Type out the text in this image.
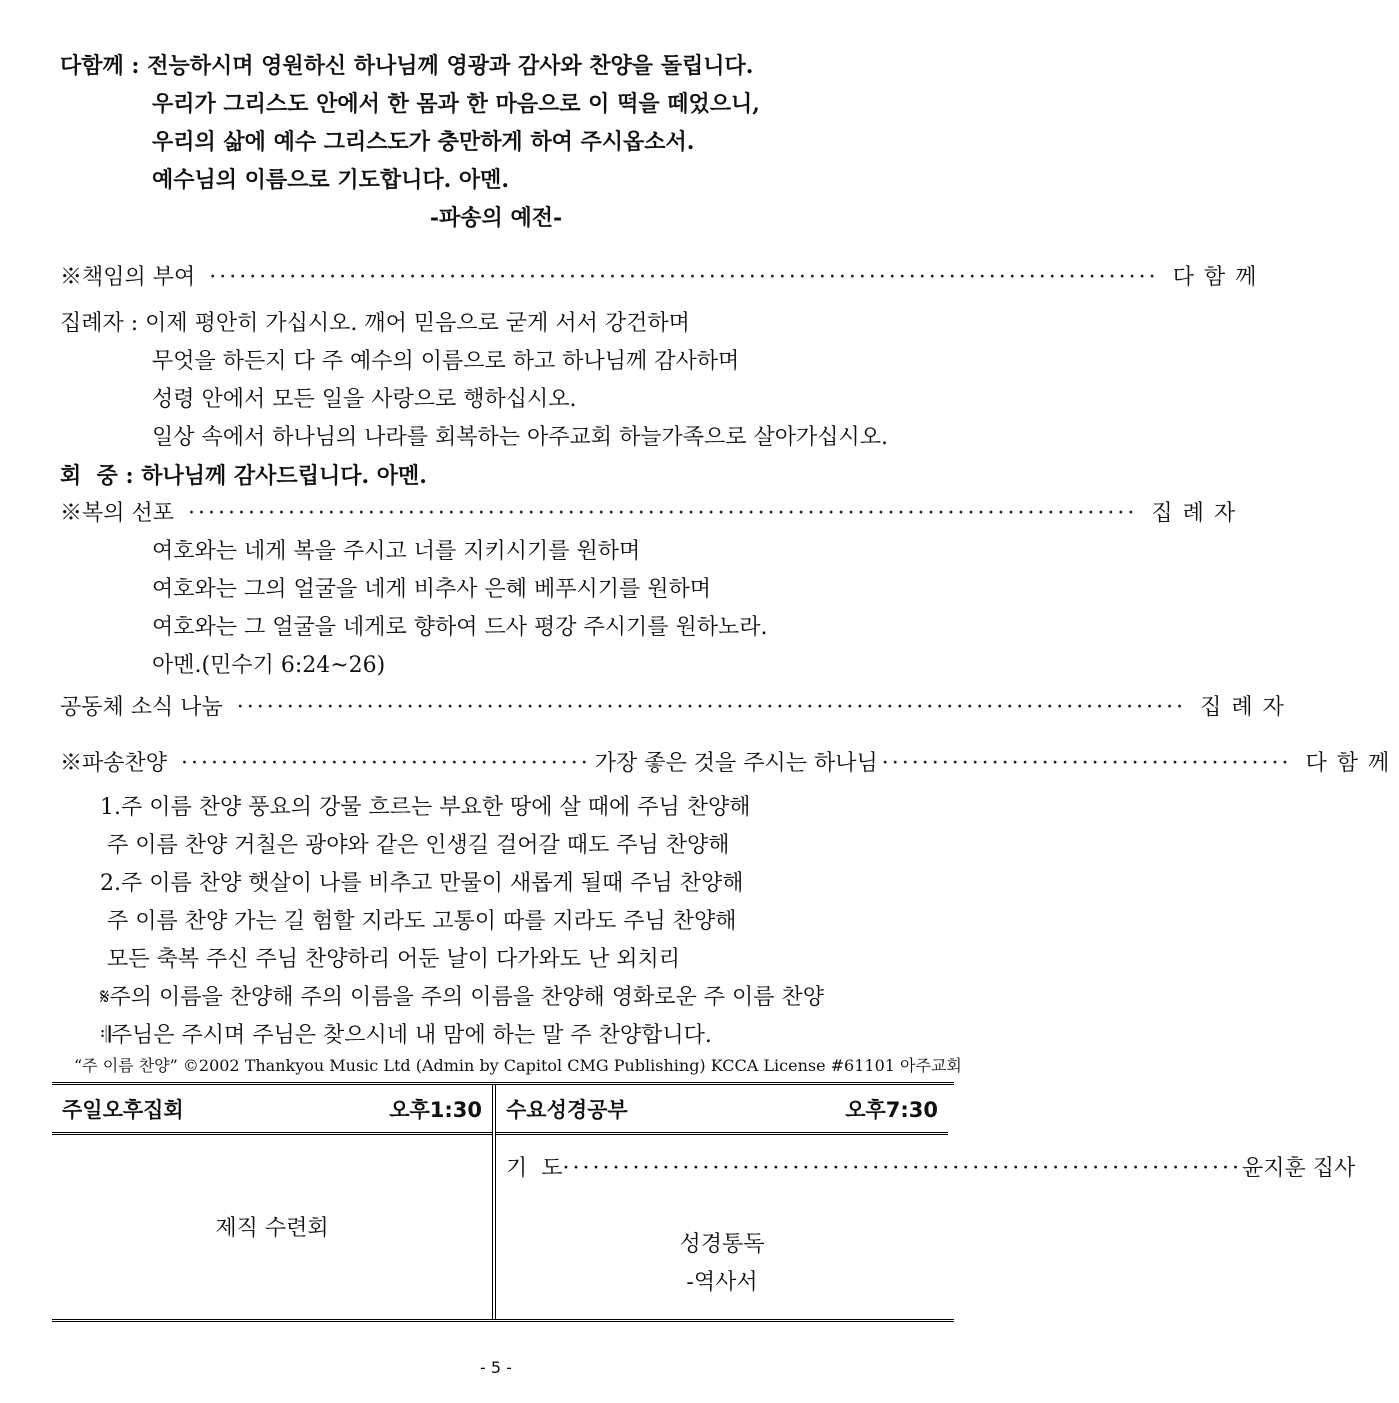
다함께 : 전능하시며 영원하신 하나님께 영광과 감사와 찬양을 돌립니다.
우리가 그리스도 안에서 한 몸과 한 마음으로 이 떡을 떼었으니,
우리의 삶에 예수 그리스도가 충만하게 하여 주시옵소서.
예수님의 이름으로 기도합니다. 아멘.
-파송의 예전-
※책임의 부여 ······························································································· 다함께
집례자 : 이제 평안히 가십시오. 깨어 믿음으로 굳게 서서 강건하며
무엇을 하든지 다 주 예수의 이름으로 하고 하나님께 감사하며
성령 안에서 모든 일을 사랑으로 행하십시오.
일상 속에서 하나님의 나라를 회복하는 아주교회 하늘가족으로 살아가십시오.
회  중 : 하나님께 감사드립니다. 아멘.
※복의 선포 ······························································································· 집례자
여호와는 네게 복을 주시고 너를 지키시기를 원하며
여호와는 그의 얼굴을 네게 비추사 은혜 베푸시기를 원하며
여호와는 그 얼굴을 네게로 향하여 드사 평강 주시기를 원하노라.
아멘.(민수기 6:24~26)
공동체 소식 나눔 ······························································································· 집례자
※파송찬양 ········································· 가장 좋은 것을 주시는 하나님 ········································· 다함께
1.주 이름 찬양 풍요의 강물 흐르는 부요한 땅에 살 때에 주님 찬양해
주 이름 찬양 거칠은 광야와 같은 인생길 걸어갈 때도 주님 찬양해
2.주 이름 찬양 햇살이 나를 비추고 만물이 새롭게 될때 주님 찬양해
주 이름 찬양 가는 길 험할 지라도 고통이 따를 지라도 주님 찬양해
모든 축복 주신 주님 찬양하리 어둔 날이 다가와도 난 외치리
𝄋주의 이름을 찬양해 주의 이름을 주의 이름을 찬양해 영화로운 주 이름 찬양
𝄇주님은 주시며 주님은 찾으시네 내 맘에 하는 말 주 찬양합니다.
“주 이름 찬양” ©2002 Thankyou Music Ltd (Admin by Capitol CMG Publishing) KCCA License #61101 아주교회
주일오후집회	오후1:30 수요성경공부	오후7:30
제직 수련회
기  도 ···································································· 윤지훈 집사
성경통독
-역사서
- 5 -
